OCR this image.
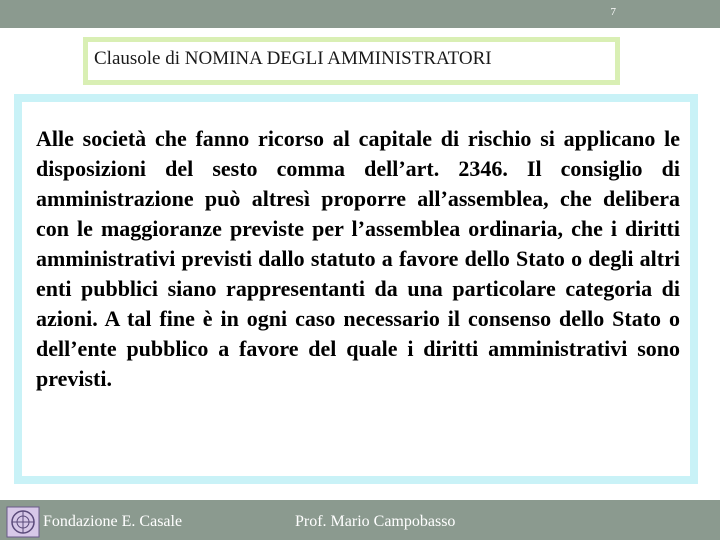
7
Clausole di NOMINA DEGLI AMMINISTRATORI

Alle società che fanno ricorso al capitale di rischio si applicano le disposizioni del sesto comma dell’art. 2346. Il consiglio di amministrazione può altresì proporre all’assemblea, che delibera con le maggioranze previste per l’assemblea ordinaria, che i diritti amministrativi previsti dallo statuto a favore dello Stato o degli altri enti pubblici siano rappresentanti da una particolare categoria di azioni. A tal fine è in ogni caso necessario il consenso dello Stato o dell’ente pubblico a favore del quale i diritti amministrativi sono previsti.

Fondazione E. Casale	Prof. Mario Campobasso
